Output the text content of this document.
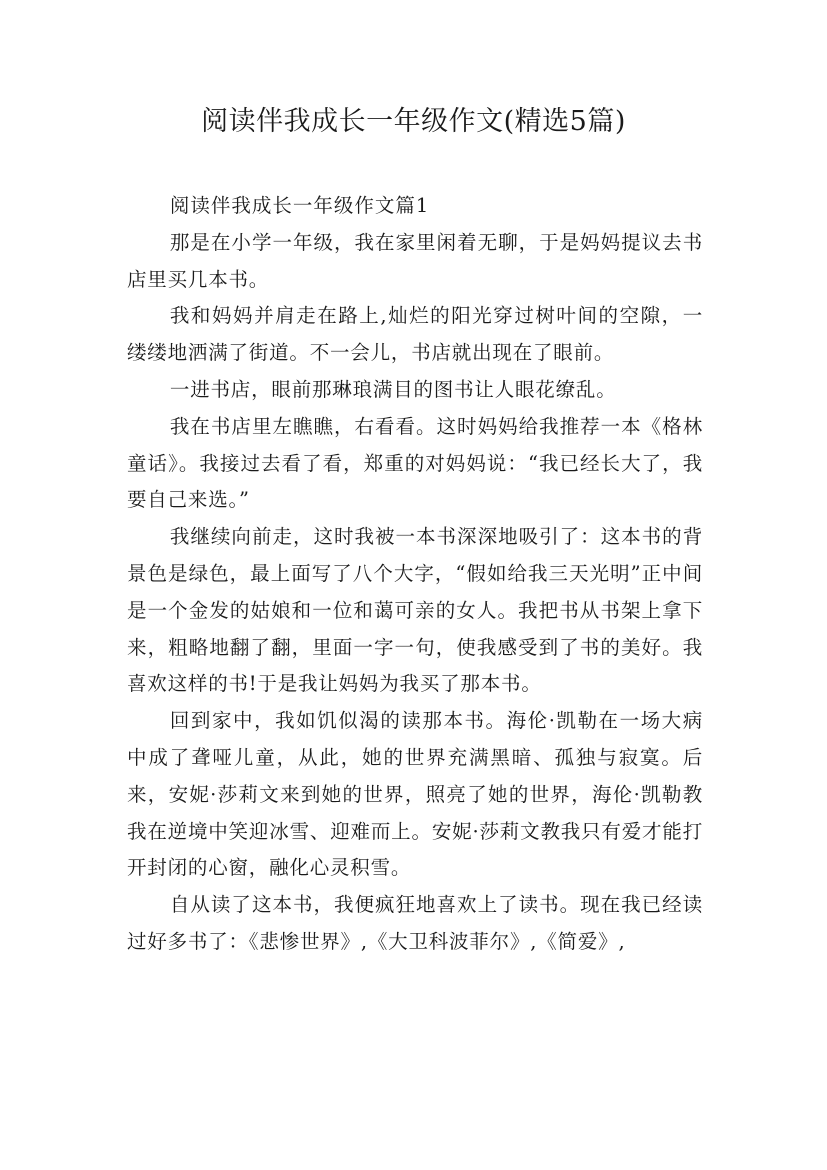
阅读伴我成长一年级作文(精选5篇)

阅读伴我成长一年级作文篇1

那是在小学一年级，我在家里闲着无聊，于是妈妈提议去书店里买几本书。

我和妈妈并肩走在路上,灿烂的阳光穿过树叶间的空隙，一缕缕地洒满了街道。不一会儿，书店就出现在了眼前。

一进书店，眼前那琳琅满目的图书让人眼花缭乱。

我在书店里左瞧瞧，右看看。这时妈妈给我推荐一本《格林童话》。我接过去看了看，郑重的对妈妈说：“我已经长大了，我要自己来选。”

我继续向前走，这时我被一本书深深地吸引了：这本书的背景色是绿色，最上面写了八个大字，“假如给我三天光明”正中间是一个金发的姑娘和一位和蔼可亲的女人。我把书从书架上拿下来，粗略地翻了翻，里面一字一句，使我感受到了书的美好。我喜欢这样的书!于是我让妈妈为我买了那本书。

回到家中，我如饥似渴的读那本书。海伦·凯勒在一场大病中成了聋哑儿童，从此，她的世界充满黑暗、孤独与寂寞。后来，安妮·莎莉文来到她的世界，照亮了她的世界，海伦·凯勒教我在逆境中笑迎冰雪、迎难而上。安妮·莎莉文教我只有爱才能打开封闭的心窗，融化心灵积雪。

自从读了这本书，我便疯狂地喜欢上了读书。现在我已经读过好多书了：《悲惨世界》,《大卫科波菲尔》,《简爱》,
